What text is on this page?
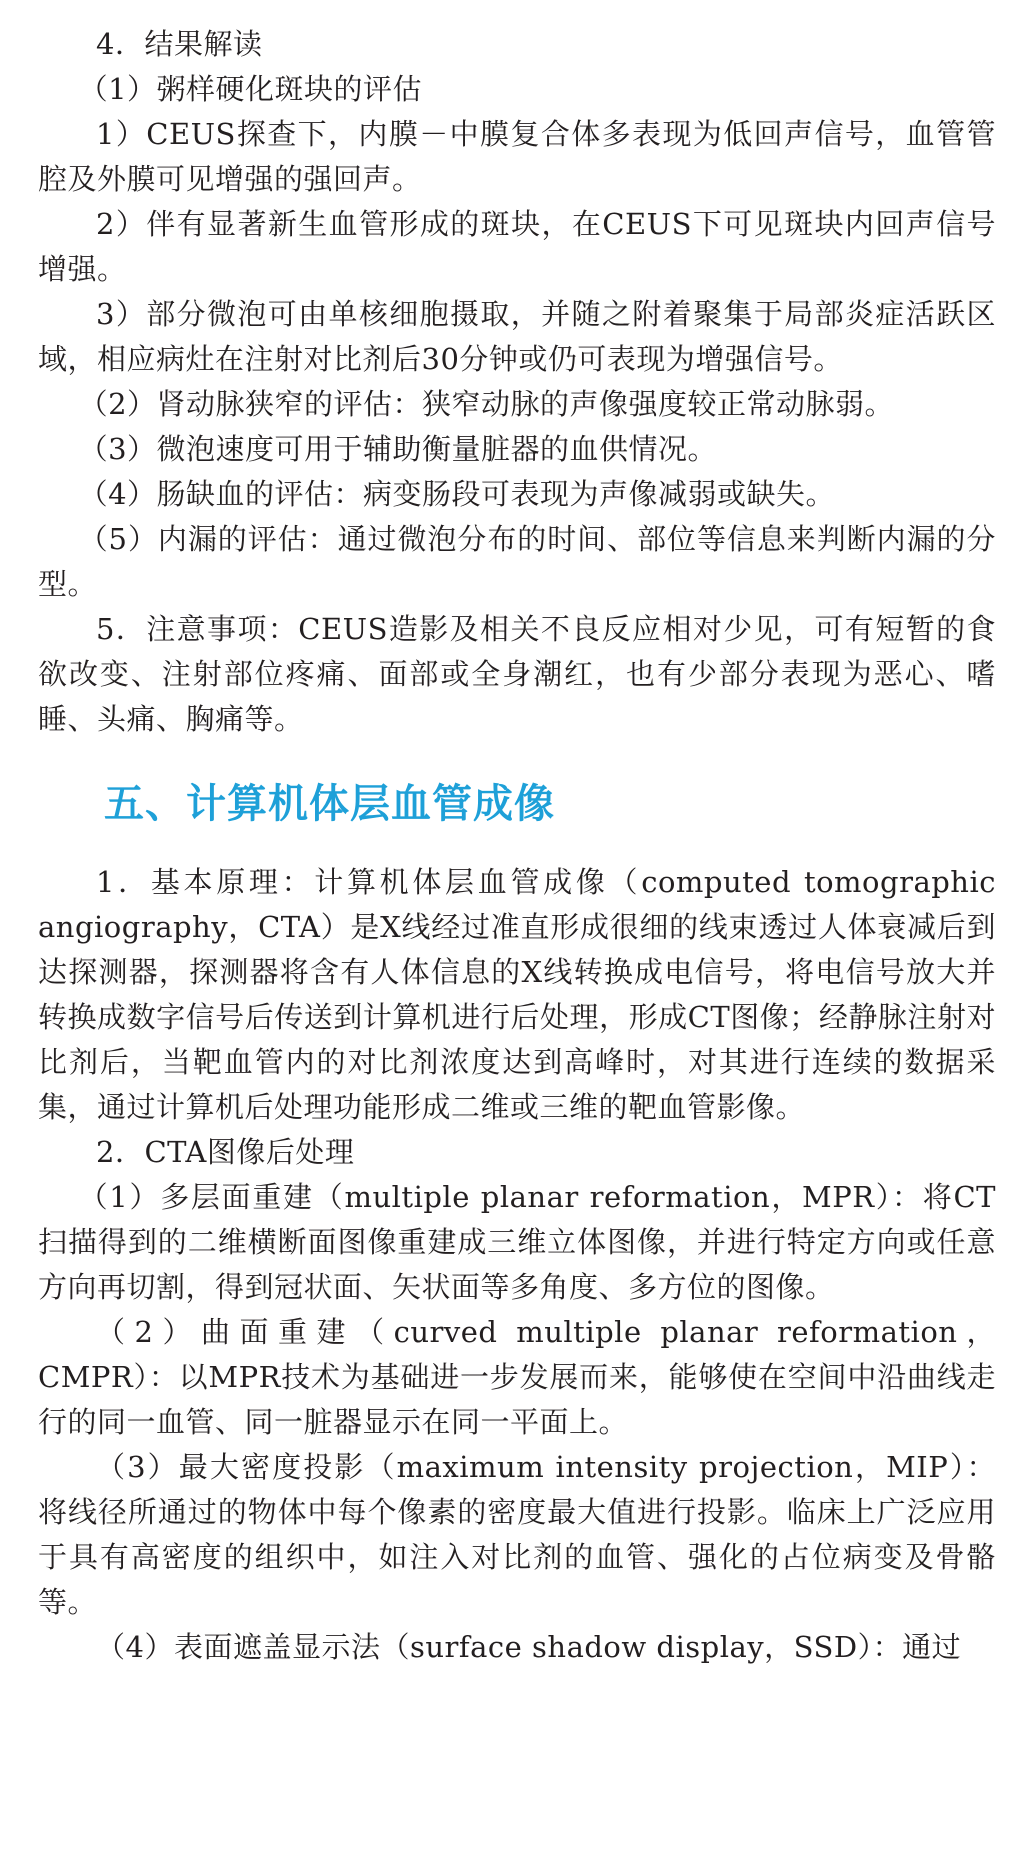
4．结果解读

（1）粥样硬化斑块的评估

1）CEUS探查下，内膜－中膜复合体多表现为低回声信号，血管管腔及外膜可见增强的强回声。

2）伴有显著新生血管形成的斑块，在CEUS下可见斑块内回声信号增强。

3）部分微泡可由单核细胞摄取，并随之附着聚集于局部炎症活跃区域，相应病灶在注射对比剂后30分钟或仍可表现为增强信号。

（2）肾动脉狭窄的评估：狭窄动脉的声像强度较正常动脉弱。

（3）微泡速度可用于辅助衡量脏器的血供情况。

（4）肠缺血的评估：病变肠段可表现为声像减弱或缺失。

（5）内漏的评估：通过微泡分布的时间、部位等信息来判断内漏的分型。

5．注意事项：CEUS造影及相关不良反应相对少见，可有短暂的食欲改变、注射部位疼痛、面部或全身潮红，也有少部分表现为恶心、嗜睡、头痛、胸痛等。

五、计算机体层血管成像

1．基本原理：计算机体层血管成像（computed tomographic angiography，CTA）是X线经过准直形成很细的线束透过人体衰减后到达探测器，探测器将含有人体信息的X线转换成电信号，将电信号放大并转换成数字信号后传送到计算机进行后处理，形成CT图像；经静脉注射对比剂后，当靶血管内的对比剂浓度达到高峰时，对其进行连续的数据采集，通过计算机后处理功能形成二维或三维的靶血管影像。

2．CTA图像后处理

（1）多层面重建（multiple planar reformation，MPR）：将CT扫描得到的二维横断面图像重建成三维立体图像，并进行特定方向或任意方向再切割，得到冠状面、矢状面等多角度、多方位的图像。

（2）曲面重建（curved multiple planar reformation，CMPR）：以MPR技术为基础进一步发展而来，能够使在空间中沿曲线走行的同一血管、同一脏器显示在同一平面上。

（3）最大密度投影（maximum intensity projection，MIP）：将线径所通过的物体中每个像素的密度最大值进行投影。临床上广泛应用于具有高密度的组织中，如注入对比剂的血管、强化的占位病变及骨骼等。

（4）表面遮盖显示法（surface shadow display，SSD）：通过
